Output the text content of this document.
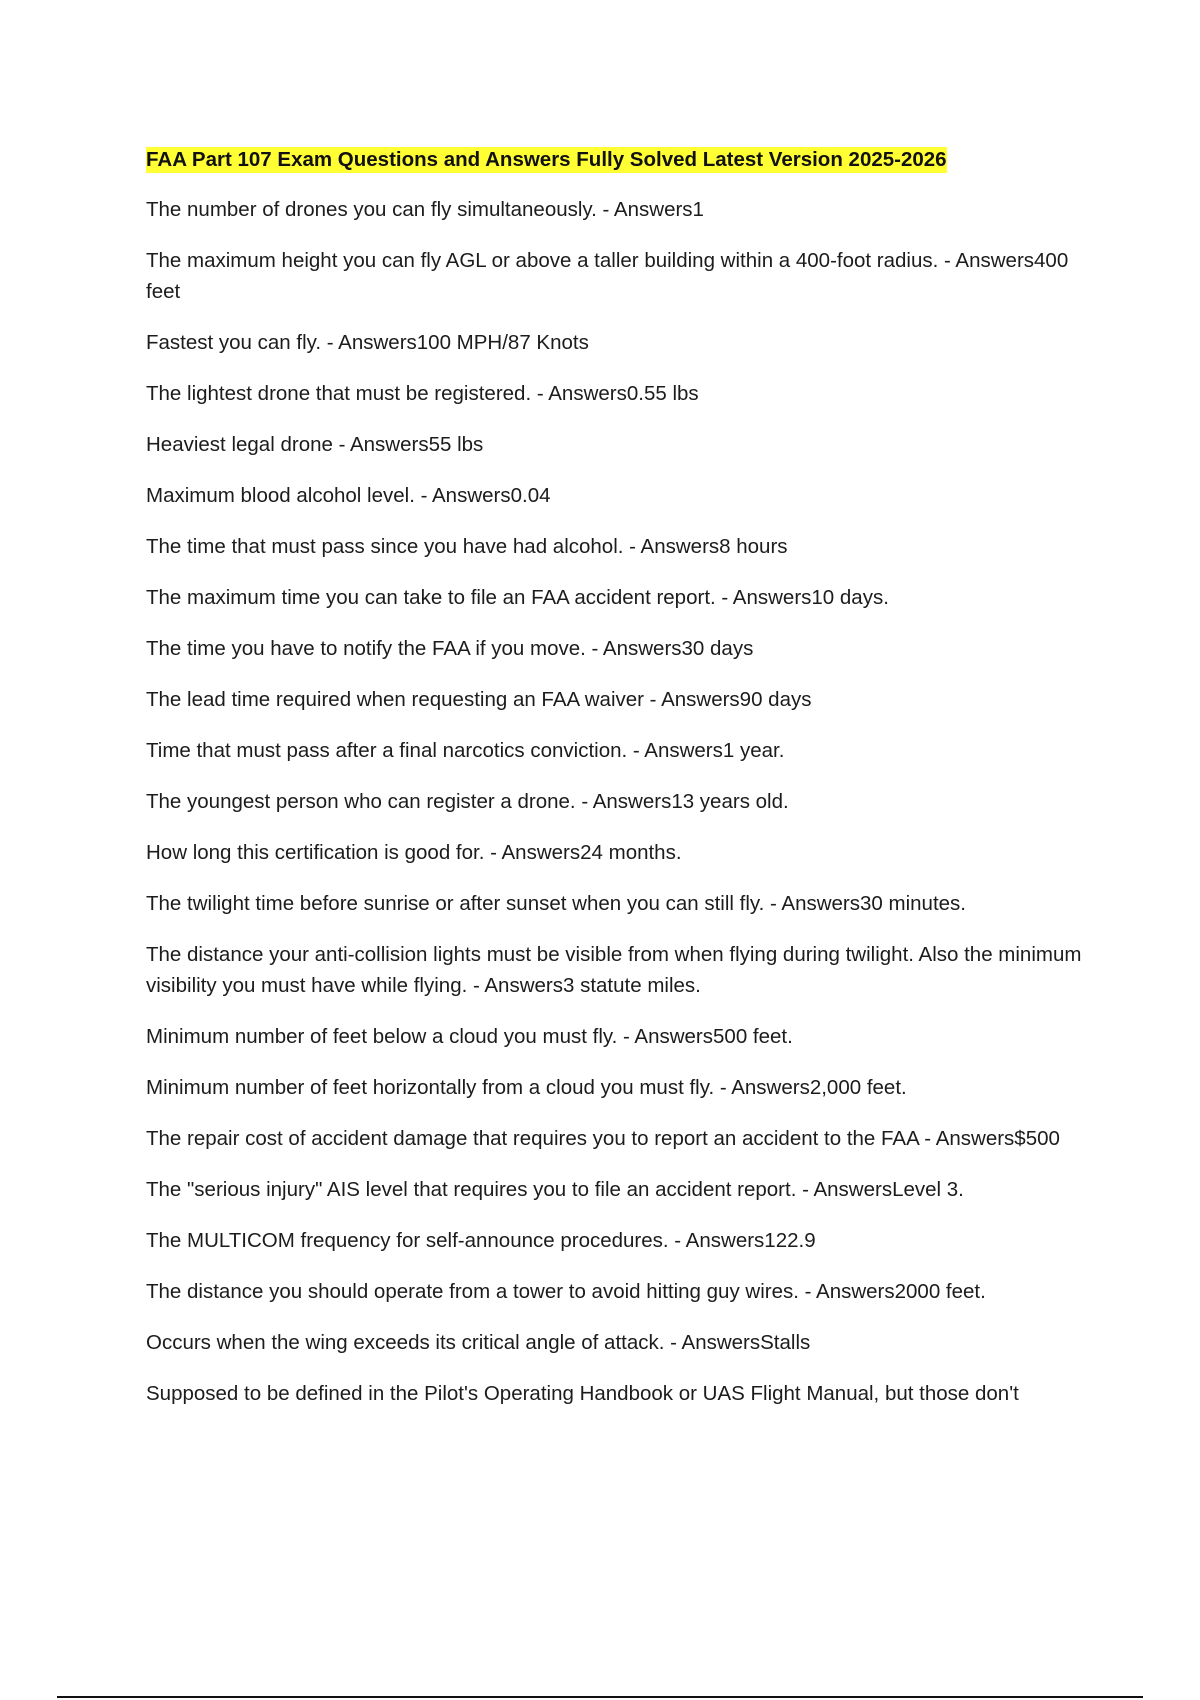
FAA Part 107 Exam Questions and Answers Fully Solved Latest Version 2025-2026
The number of drones you can fly simultaneously. - Answers1
The maximum height you can fly AGL or above a taller building within a 400-foot radius. - Answers400 feet
Fastest you can fly. - Answers100 MPH/87 Knots
The lightest drone that must be registered. - Answers0.55 lbs
Heaviest legal drone - Answers55 lbs
Maximum blood alcohol level. - Answers0.04
The time that must pass since you have had alcohol. - Answers8 hours
The maximum time you can take to file an FAA accident report. - Answers10 days.
The time you have to notify the FAA if you move. - Answers30 days
The lead time required when requesting an FAA waiver - Answers90 days
Time that must pass after a final narcotics conviction. - Answers1 year.
The youngest person who can register a drone. - Answers13 years old.
How long this certification is good for. - Answers24 months.
The twilight time before sunrise or after sunset when you can still fly. - Answers30 minutes.
The distance your anti-collision lights must be visible from when flying during twilight. Also the minimum visibility you must have while flying. - Answers3 statute miles.
Minimum number of feet below a cloud you must fly. - Answers500 feet.
Minimum number of feet horizontally from a cloud you must fly. - Answers2,000 feet.
The repair cost of accident damage that requires you to report an accident to the FAA - Answers$500
The "serious injury" AIS level that requires you to file an accident report. - AnswersLevel 3.
The MULTICOM frequency for self-announce procedures. - Answers122.9
The distance you should operate from a tower to avoid hitting guy wires. - Answers2000 feet.
Occurs when the wing exceeds its critical angle of attack. - AnswersStalls
Supposed to be defined in the Pilot's Operating Handbook or UAS Flight Manual, but those don't
